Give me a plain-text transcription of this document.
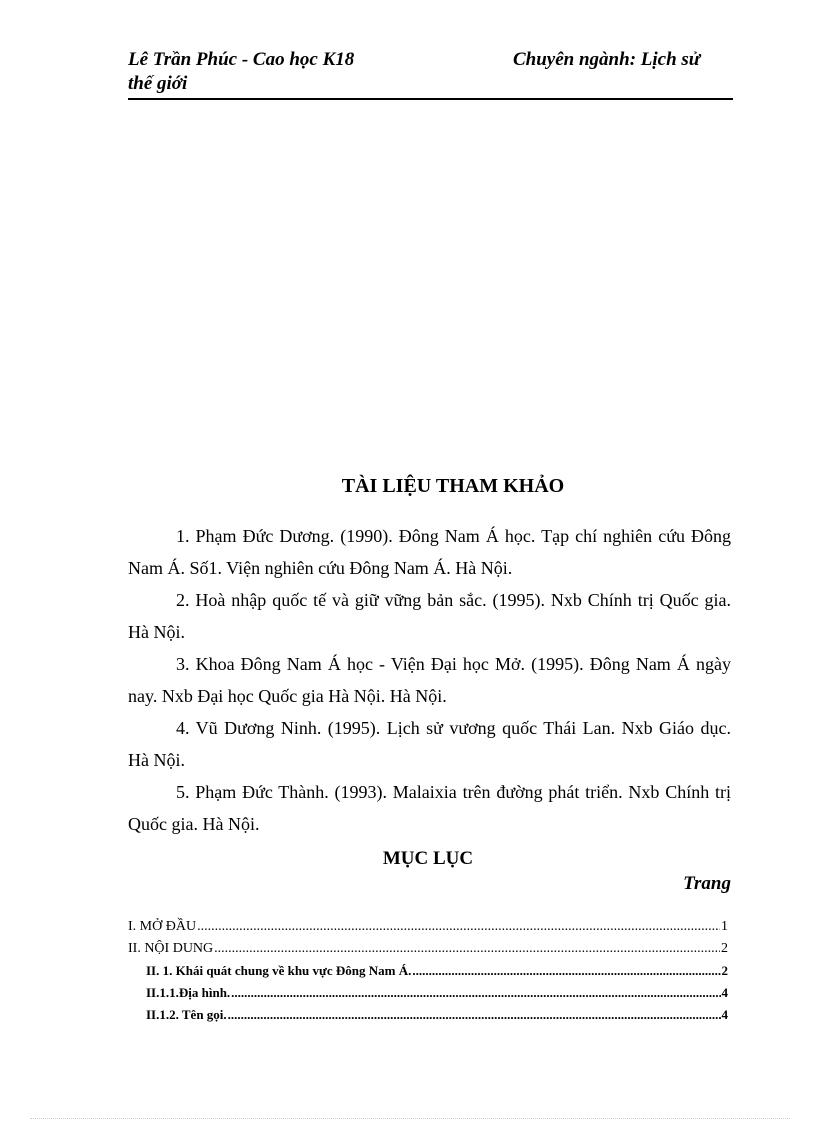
Lê Trần Phúc - Cao học K18	Chuyên ngành: Lịch sử
thế giới
TÀI LIỆU THAM KHẢO

1. Phạm Đức Dương. (1990). Đông Nam Á học. Tạp chí nghiên cứu Đông Nam Á. Số1. Viện nghiên cứu Đông Nam Á. Hà Nội.

2. Hoà nhập quốc tế và giữ vững bản sắc. (1995). Nxb Chính trị Quốc gia. Hà Nội.

3. Khoa Đông Nam Á học - Viện Đại học Mở. (1995). Đông Nam Á ngày nay. Nxb Đại học Quốc gia Hà Nội. Hà Nội.

4. Vũ Dương Ninh. (1995). Lịch sử vương quốc Thái Lan. Nxb Giáo dục. Hà Nội.

5. Phạm Đức Thành. (1993). Malaixia trên đường phát triển. Nxb Chính trị Quốc gia. Hà Nội.

MỤC LỤC
Trang
I. MỞ ĐẦU .....	1
II. NỘI DUNG .....	2
II. 1. Khái quát chung về khu vực Đông Nam Á. .....	2
II.1.1.Địa hình. .....	4
II.1.2. Tên gọi. .....	4
